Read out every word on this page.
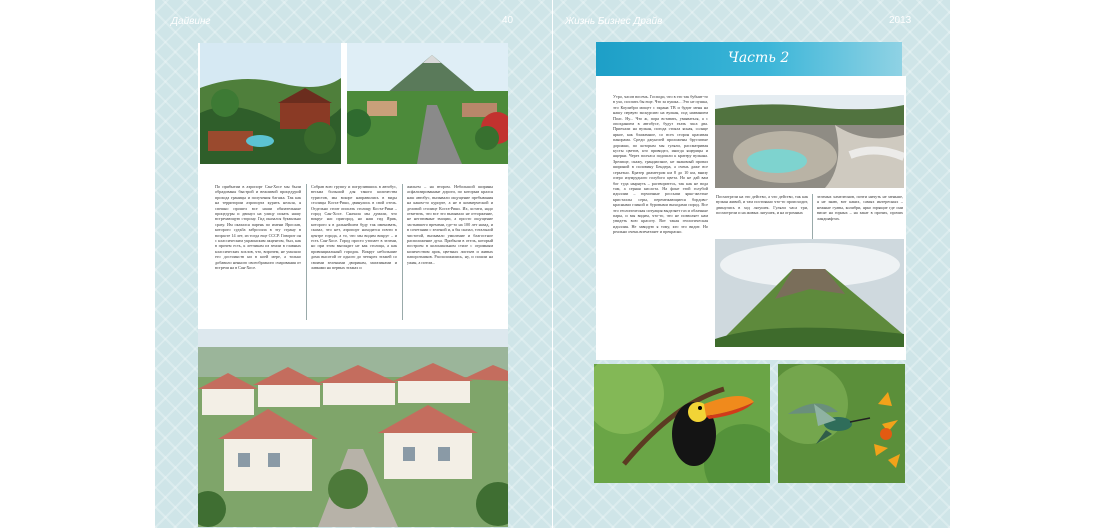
Дайвинг	40
По прибытии в аэропорт Сан-Хосе мы были обрадованы быстрой и вежливой процедурой прохода границы и получения багажа. Так как на территории аэропорта курить нельзя, я спешно прошел все наши обязательные процедуры и двинул на улицу искать нашу встречающую сторону. Гид оказался буквально сразу. Им оказался парень по имени Ярослав, которого судьба забросила в эту страну в возрасте 14 лет, из тогда еще СССР. Говорит он с классическим украинским акцентом, был, как в прочем есть, к летчикам из земли в главных классических хохлов, что, впрочем, не умаляло его достоинств ни в коей мере, а только добавило ненного своеобразного очарования от встречи на в Сан-Хосе.
Собрав всю группу и погрузившись в автобус, весьма большой для такого количества туристов, мы вскоре направились в виды столицы Коста-Рики, двинулись в свой отель. Отдельно стоит описать столицу Коста-Рики – город Сан-Хосе. Сначала мы думали, что вокруг нас пригород, но наш гид Ярик, которого я в дальнейшем буду так именовать, сказал, что нет, аэропорт находится почти в центре города, а то, что мы видим вокруг – и есть Сан-Хосе. Город просто утопает в зелени, но при этом выглядит не как столица, а как провинциальный городок. Вокруг небольшие дома высотой от одного до четырех этажей со своими зелеными дворикам, магазинами и лавками на первых этажах и
жильем – на втором. Небольшой ширины асфальтированные дороги, по которым крался наш автобус, вызывали ощущение пребывания на каком-то курорте, а не в коммерческой и деловой столице Коста-Рики. Их, кстати, надо отметить, что все это вызывало не отторжение, не негативные эмоции, а просто ощущение застывшего времени, где-то на 100 лет назад, и в сочетании с зеленой и, я бы сказал, тотальной чистотой, вызывало умиление и благостное расположение духа. Прибыли в отель, который построен в колониальном стиле с огромным количеством арок, цветных листьев и живых папоротников. Расположились, ну, и пошли на ужин, а потом...
Жизнь Бизнес Драйв	2013
Утро, часов восемь. Господи, что в это так бубнит-то в ухо, поспать бы еще. Что за пушка... Это не пушка, это Коулибри мощет с экрана ТВ и будит меня на нашу первую экскурсию на вулкан, под названием Поас. Ну... Что ж, пора вставать, умываться, а с опозданием в автобусе, будут ехать часа два. Приехали на вулкан, погода стояла ясная, солнце яркое, как блаженное, со всех сторон красивая панорама. Среди джунглей проложены брусчатые дорожки, по которым мы гуляли, рассматривая кусты цветов, кто привидел, иногда ящерицы и ящерки. Через полчаса подошли к кратеру вулкана. Зрелище, скажу, грандиозное, не знакомый провал шириной в половину Бендера, а очень даже все серьезно. Кратер диаметром км 8 до 10 км, внизу озеро изумрудного голубого цвета. Но не дай вам бог туда нырнуть – растворитесь, так как не вода там, а серная кислота. На фоне этой голубой идиллии – горчичные россыпи ярко-желтые кристаллы серы, перемежающиеся бордово-красными глиной и буровыми выходами пород. Все это геологическая ситуация выделяет газ и облачные пары, и мы видим, что-то, что не позволяет нам увидеть всю красоту. Вот такая геологическая идиллия. Не завидую я тому, кто это видит. Но реально очень впечатляет и прекрасно.
Посмотрели на это действо, а что действо, так как вулкан живой, и там постоянно что-то происходит, двинулись в ход лягушек. Гуляли часа три, посмотрели и на живых лягушек, и на огромных
зеленых хамелеонов, почти ничуть не меньше, я не знаю, вот каких, самых интересных – нежные гуавы, колибри, ярко горящие где они висят на горных – на закат в прочих, прочих ландшафтах.
Часть 2
